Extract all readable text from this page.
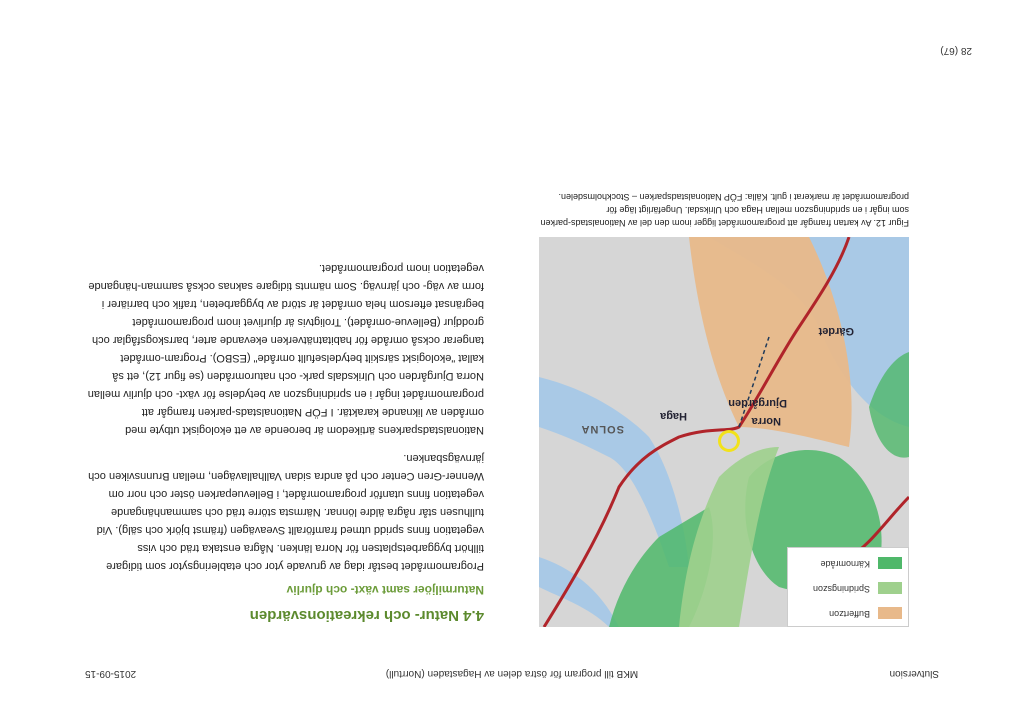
Slutversion
MKB till program för östra delen av Hagastaden (Norrtull)
2015-09-15
Buffertzon
Spridningszon
Kärnområde
SOLNA
Haga	Norra
Djurgården
Gärdet
Figur 12. Av kartan framgår att programområdet ligger inom den del av Nationalstads-parken som ingår i en spridningszon mellan Haga och Ulriksdal. Ungefärligt läge för programområdet är markerat i gult. Källa: FÖP Nationalstadsparken – Stockholmsdelen.
4.4 Natur- och rekreationsvärden
Naturmiljöer samt växt- och djurliv

Programområdet består idag av gruvade ytor och etableringsytor som tidigare tillhört byggarbetsplatsen för Norra länken. Några enstaka träd och viss vegetation finns spridd utmed framförallt Sveavägen (främst björk och sälg). Vid tullhusen står några äldre lönnar. Närmsta större träd och sammanhängande vegetation finns utanför programområdet, i Bellevueparken öster och norr om Wenner-Gren Center och på andra sidan Vallhallavägen, mellan Brunnsviken och järnvägsbanken.

Nationalstadsparkens ärtikedom är beroende av ett ekologiskt utbyte med områden av liknande karaktär. I FÖP Nationalstads-parken framgår att programområdet ingår i en spridningszon av betydelse för växt- och djurliv mellan Norra Djurgården och Ulriksdals park- och naturområden (se figur 12), ett så kallat "ekologiskt särskilt betydelsefullt område" (ESBO). Program-området tangerar också område för habitatnätverken ekevande arter, barrskogsfåglar och groddjur (Bellevue-området). Troligtvis är djurlivet inom programområdet begränsat eftersom hela området är störd av byggarbeten, trafik och barriärer i form av väg- och järnväg. Som nämnts tidigare saknas också samman-hängande vegetation inom programområdet.

28 (67)
